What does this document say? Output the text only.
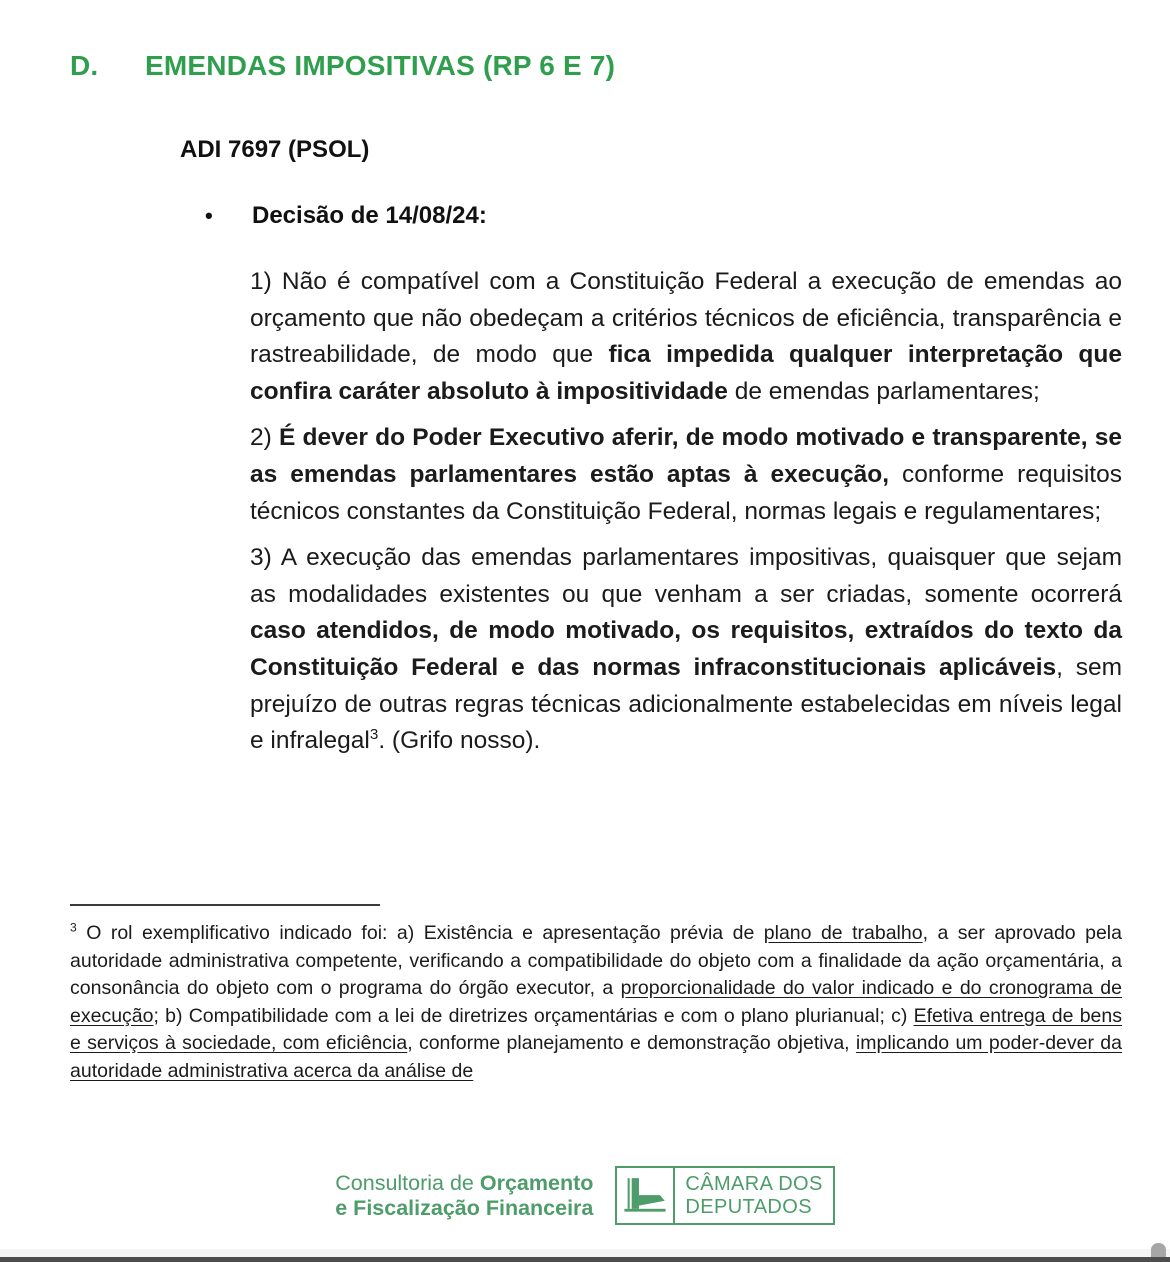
D.	EMENDAS IMPOSITIVAS (RP 6 E 7)
ADI 7697 (PSOL)
•	Decisão de 14/08/24:

1) Não é compatível com a Constituição Federal a execução de emendas ao orçamento que não obedeçam a critérios técnicos de eficiência, transparência e rastreabilidade, de modo que fica impedida qualquer interpretação que confira caráter absoluto à impositividade de emendas parlamentares;

2) É dever do Poder Executivo aferir, de modo motivado e transparente, se as emendas parlamentares estão aptas à execução, conforme requisitos técnicos constantes da Constituição Federal, normas legais e regulamentares;

3) A execução das emendas parlamentares impositivas, quaisquer que sejam as modalidades existentes ou que venham a ser criadas, somente ocorrerá caso atendidos, de modo motivado, os requisitos, extraídos do texto da Constituição Federal e das normas infraconstitucionais aplicáveis, sem prejuízo de outras regras técnicas adicionalmente estabelecidas em níveis legal e infralegal$^3$. (Grifo nosso).

$^3$ O rol exemplificativo indicado foi: a) Existência e apresentação prévia de plano de trabalho, a ser aprovado pela autoridade administrativa competente, verificando a compatibilidade do objeto com a finalidade da ação orçamentária, a consonância do objeto com o programa do órgão executor, a proporcionalidade do valor indicado e do cronograma de execução; b) Compatibilidade com a lei de diretrizes orçamentárias e com o plano plurianual; c) Efetiva entrega de bens e serviços à sociedade, com eficiência, conforme planejamento e demonstração objetiva, implicando um poder-dever da autoridade administrativa acerca da análise de
Consultoria de Orçamento
e Fiscalização Financeira
CÂMARA DOS
DEPUTADOS
